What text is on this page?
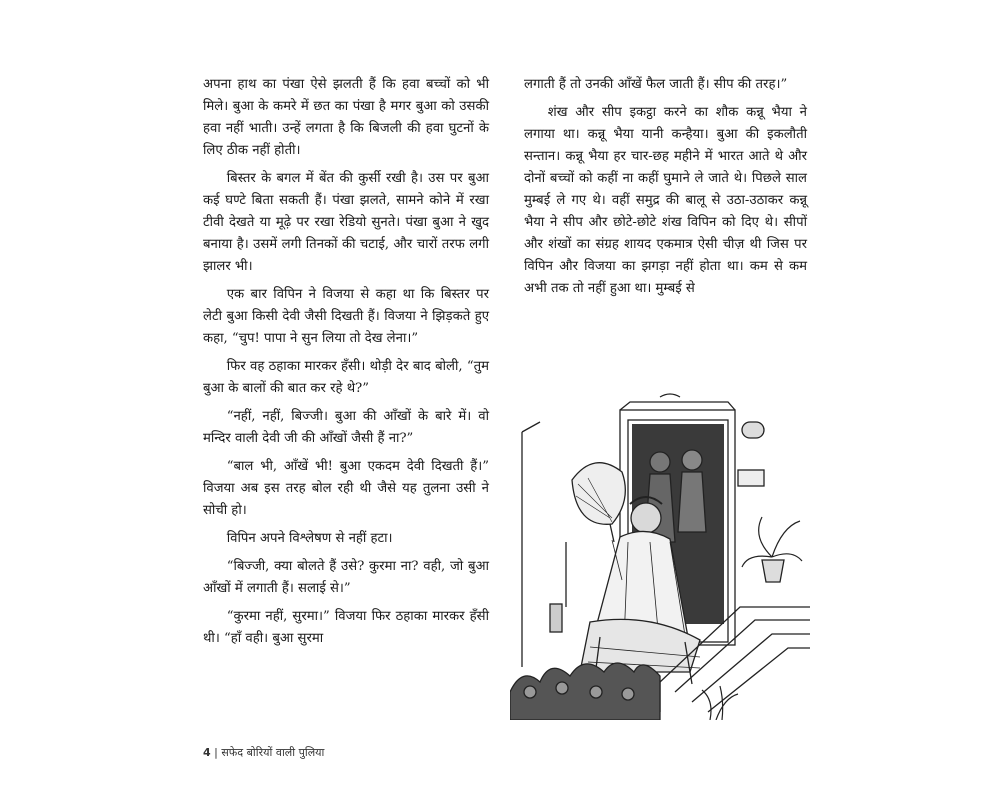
अपना हाथ का पंखा ऐसे झलती हैं कि हवा बच्चों को भी मिले। बुआ के कमरे में छत का पंखा है मगर बुआ को उसकी हवा नहीं भाती। उन्हें लगता है कि बिजली की हवा घुटनों के लिए ठीक नहीं होती।

बिस्तर के बगल में बेंत की कुर्सी रखी है। उस पर बुआ कई घण्टे बिता सकती हैं। पंखा झलते, सामने कोने में रखा टीवी देखते या मूढ़े पर रखा रेडियो सुनते। पंखा बुआ ने खुद बनाया है। उसमें लगी तिनकों की चटाई, और चारों तरफ लगी झालर भी।

एक बार विपिन ने विजया से कहा था कि बिस्तर पर लेटी बुआ किसी देवी जैसी दिखती हैं। विजया ने झिड़कते हुए कहा, “चुप! पापा ने सुन लिया तो देख लेना।”

फिर वह ठहाका मारकर हँसी। थोड़ी देर बाद बोली, “तुम बुआ के बालों की बात कर रहे थे?”

“नहीं, नहीं, बिज्जी। बुआ की आँखों के बारे में। वो मन्दिर वाली देवी जी की आँखों जैसी हैं ना?”

“बाल भी, आँखें भी! बुआ एकदम देवी दिखती हैं।” विजया अब इस तरह बोल रही थी जैसे यह तुलना उसी ने सोची हो।

विपिन अपने विश्लेषण से नहीं हटा।

“बिज्जी, क्या बोलते हैं उसे? कुरमा ना? वही, जो बुआ आँखों में लगाती हैं। सलाई से।”

“कुरमा नहीं, सुरमा।” विजया फिर ठहाका मारकर हँसी थी। “हाँ वही। बुआ सुरमा

लगाती हैं तो उनकी आँखें फैल जाती हैं। सीप की तरह।”

शंख और सीप इकट्ठा करने का शौक कन्नू भैया ने लगाया था। कन्नू भैया यानी कन्हैया। बुआ की इकलौती सन्तान। कन्नू भैया हर चार-छह महीने में भारत आते थे और दोनों बच्चों को कहीं ना कहीं घुमाने ले जाते थे। पिछले साल मुम्बई ले गए थे। वहीं समुद्र की बालू से उठा-उठाकर कन्नू भैया ने सीप और छोटे-छोटे शंख विपिन को दिए थे। सीपों और शंखों का संग्रह शायद एकमात्र ऐसी चीज़ थी जिस पर विपिन और विजया का झगड़ा नहीं होता था। कम से कम अभी तक तो नहीं हुआ था। मुम्बई से

4 | सफेद बोरियों वाली पुलिया
